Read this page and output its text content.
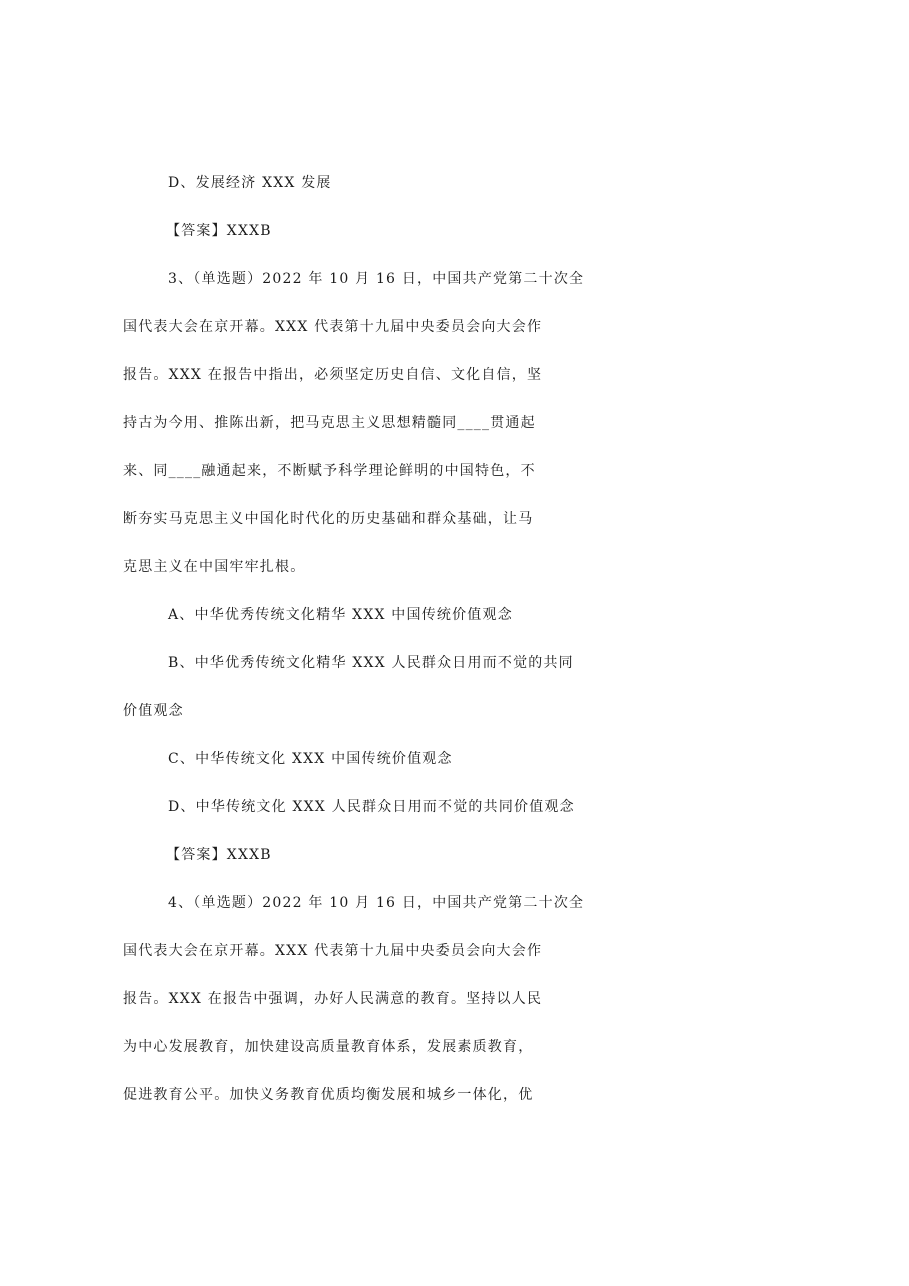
D、发展经济 XXX 发展
【答案】XXXB
3、（单选题）2022 年 10 月 16 日，中国共产党第二十次全
国代表大会在京开幕。XXX 代表第十九届中央委员会向大会作
报告。XXX 在报告中指出，必须坚定历史自信、文化自信，坚
持古为今用、推陈出新，把马克思主义思想精髓同____贯通起
来、同____融通起来，不断赋予科学理论鲜明的中国特色，不
断夯实马克思主义中国化时代化的历史基础和群众基础，让马
克思主义在中国牢牢扎根。
A、中华优秀传统文化精华 XXX 中国传统价值观念
B、中华优秀传统文化精华 XXX 人民群众日用而不觉的共同
价值观念
C、中华传统文化 XXX 中国传统价值观念
D、中华传统文化 XXX 人民群众日用而不觉的共同价值观念
【答案】XXXB
4、（单选题）2022 年 10 月 16 日，中国共产党第二十次全
国代表大会在京开幕。XXX 代表第十九届中央委员会向大会作
报告。XXX 在报告中强调，办好人民满意的教育。坚持以人民
为中心发展教育，加快建设高质量教育体系，发展素质教育，
促进教育公平。加快义务教育优质均衡发展和城乡一体化，优
